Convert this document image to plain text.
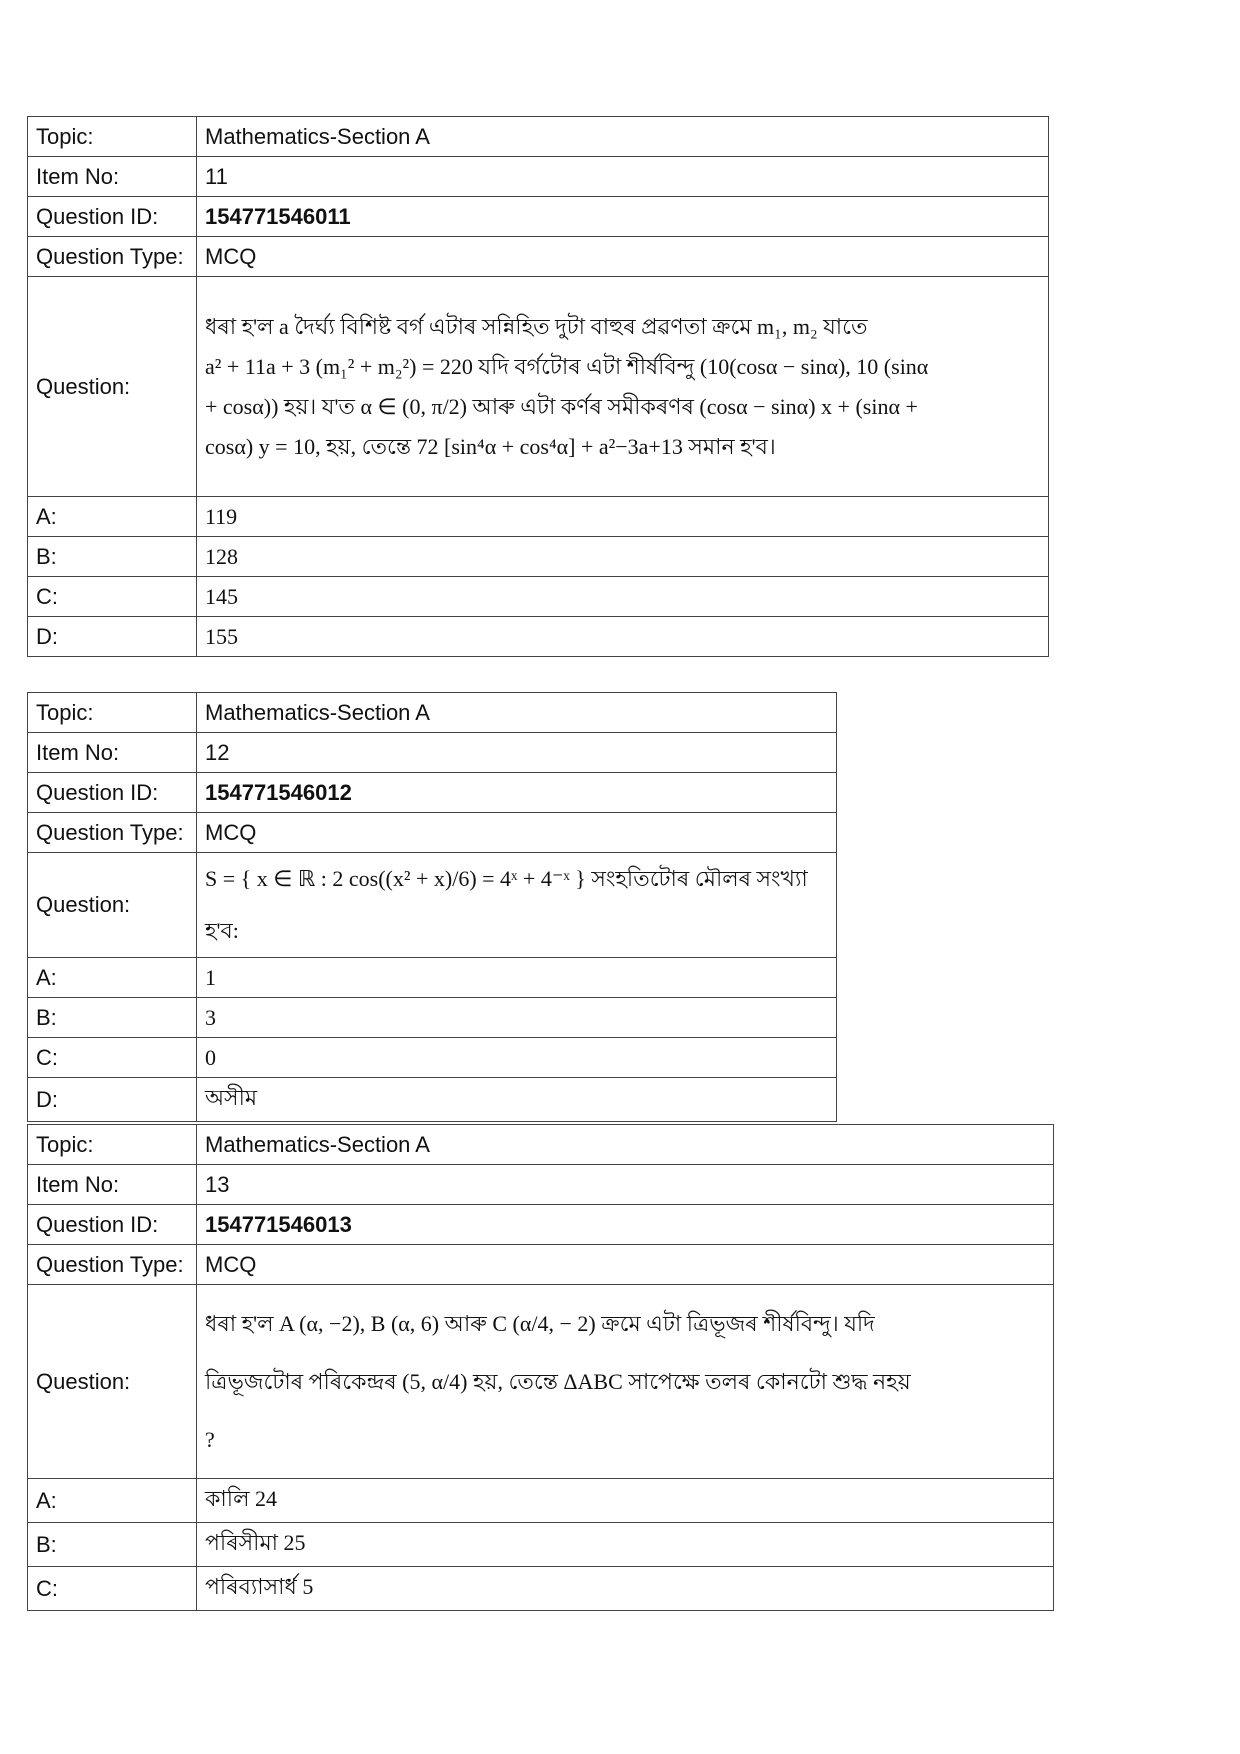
Topic:	Mathematics-Section A
Item No:	11
Question ID:	154771546011
Question Type:	MCQ
Question:	ধৰা হ'ল a দৈৰ্ঘ্য বিশিষ্ট বৰ্গ এটাৰ সন্নিহিত দুটা বাহুৰ প্ৰৱণতা ক্ৰমে m₁, m₂ যাতে
a² + 11a + 3 (m₁² + m₂²) = 220 যদি বৰ্গটোৰ এটা শীৰ্ষবিন্দু (10(cosα − sinα), 10 (sinα
+ cosα)) হয়। য'ত α ∈ (0, π/2) আৰু এটা কৰ্ণৰ সমীকৰণৰ (cosα − sinα) x + (sinα +
cosα) y = 10, হয়, তেন্তে 72 [sin⁴α + cos⁴α] + a²−3a+13 সমান হ'ব।

A:	119
B:	128
C:	145
D:	155
Topic:	Mathematics-Section A
Item No:	12
Question ID:	154771546012
Question Type:	MCQ
Question:	S = { x ∈ ℝ : 2 cos((x² + x)/6) = 4ˣ + 4⁻ˣ } সংহতিটোৰ মৌলৰ সংখ্যা হ'ব:

A:	1
B:	3
C:	0
D:	অসীম
Topic:	Mathematics-Section A
Item No:	13
Question ID:	154771546013
Question Type:	MCQ
Question:	ধৰা হ'ল A (α, −2), B (α, 6) আৰু C (α/4, − 2) ক্ৰমে এটা ত্ৰিভূজৰ শীৰ্ষবিন্দু। যদি
ত্ৰিভূজটোৰ পৰিকেন্দ্ৰৰ (5, α/4) হয়, তেন্তে ΔABC সাপেক্ষে তলৰ কোনটো শুদ্ধ নহয়
?

A:	কালি 24
B:	পৰিসীমা 25
C:	পৰিব্যাসাৰ্ধ 5
